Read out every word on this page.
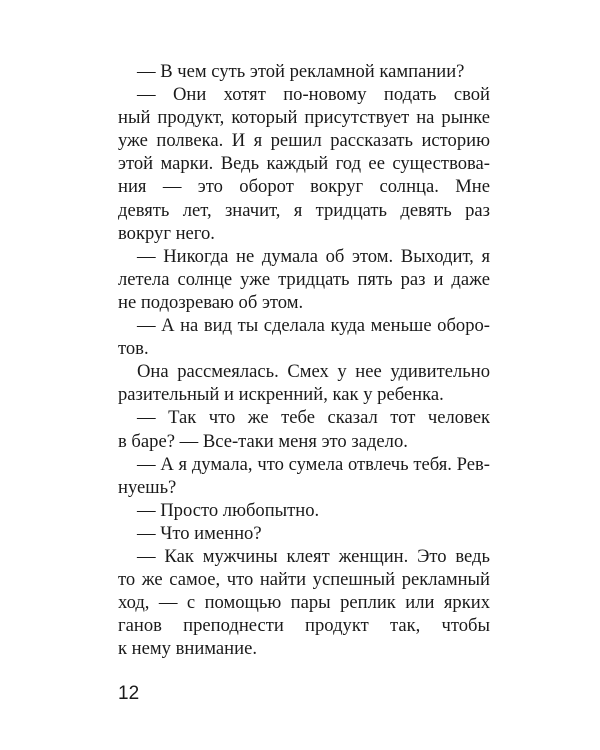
— В чем суть этой рекламной кампании?
— Они хотят по-новому подать свой
ный продукт, который присутствует на рынке
уже полвека. И я решил рассказать историю
этой марки. Ведь каждый год ее существова-
ния — это оборот вокруг солнца. Мне
девять лет, значит, я тридцать девять раз
вокруг него.
— Никогда не думала об этом. Выходит, я
летела солнце уже тридцать пять раз и даже
не подозреваю об этом.
— А на вид ты сделала куда меньше оборо-
тов.
Она рассмеялась. Смех у нее удивительно
разительный и искренний, как у ребенка.
— Так что же тебе сказал тот человек
в баре? — Все-таки меня это задело.
— А я думала, что сумела отвлечь тебя. Рев-
нуешь?
— Просто любопытно.
— Что именно?
— Как мужчины клеят женщин. Это ведь
то же самое, что найти успешный рекламный
ход, — с помощью пары реплик или ярких
ганов преподнести продукт так, чтобы
к нему внимание.
12
